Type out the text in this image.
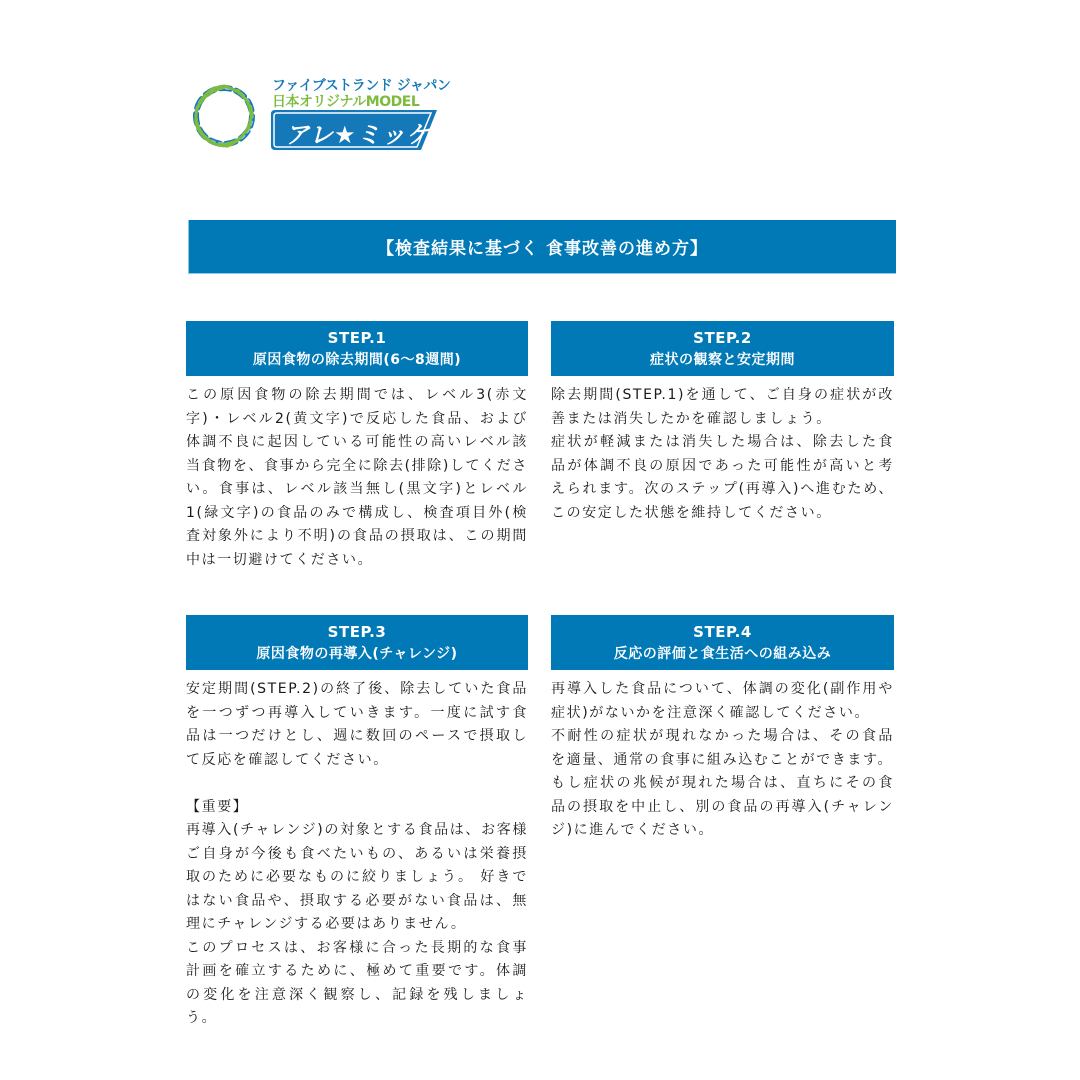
ファイブストランド ジャパン
日本オリジナルMODEL
アレ★ミッケ
【検査結果に基づく 食事改善の進め方】
STEP.1
原因食物の除去期間(6〜8週間)

この原因食物の除去期間では、レベル3(赤文字)・レベル2(黄文字)で反応した食品、および体調不良に起因している可能性の高いレベル該当食物を、食事から完全に除去(排除)してください。食事は、レベル該当無し(黒文字)とレベル1(緑文字)の食品のみで構成し、検査項目外(検査対象外により不明)の食品の摂取は、この期間中は一切避けてください。

STEP.2
症状の観察と安定期間

除去期間(STEP.1)を通して、ご自身の症状が改善または消失したかを確認しましょう。

症状が軽減または消失した場合は、除去した食品が体調不良の原因であった可能性が高いと考えられます。次のステップ(再導入)へ進むため、この安定した状態を維持してください。

STEP.3
原因食物の再導入(チャレンジ)

安定期間(STEP.2)の終了後、除去していた食品を一つずつ再導入していきます。一度に試す食品は一つだけとし、週に数回のペースで摂取して反応を確認してください。

【重要】

再導入(チャレンジ)の対象とする食品は、お客様ご自身が今後も食べたいもの、あるいは栄養摂取のために必要なものに絞りましょう。 好きではない食品や、摂取する必要がない食品は、無理にチャレンジする必要はありません。

このプロセスは、お客様に合った長期的な食事計画を確立するために、極めて重要です。体調の変化を注意深く観察し、記録を残しましょう。

STEP.4
反応の評価と食生活への組み込み

再導入した食品について、体調の変化(副作用や症状)がないかを注意深く確認してください。

不耐性の症状が現れなかった場合は、その食品を適量、通常の食事に組み込むことができます。

もし症状の兆候が現れた場合は、直ちにその食品の摂取を中止し、別の食品の再導入(チャレンジ)に進んでください。
